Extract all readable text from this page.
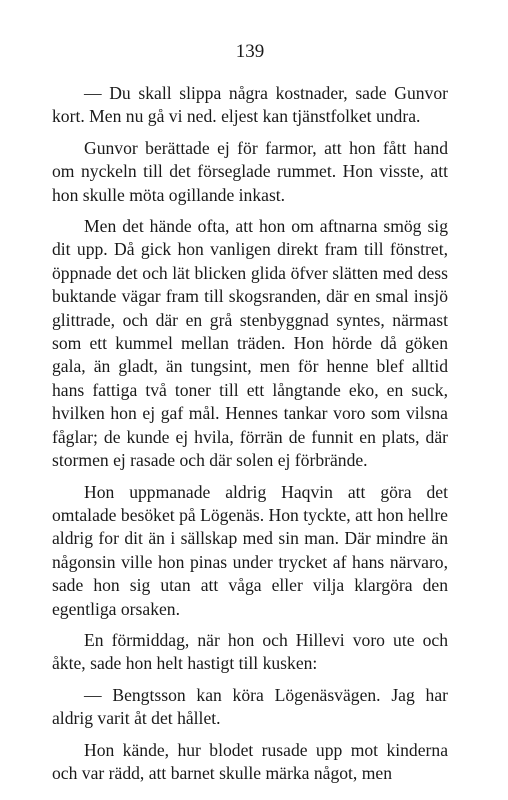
139

— Du skall slippa några kostnader, sade Gunvor kort. Men nu gå vi ned. eljest kan tjänstfolket undra.

Gunvor berättade ej för farmor, att hon fått hand om nyckeln till det förseglade rummet. Hon visste, att hon skulle möta ogillande inkast.

Men det hände ofta, att hon om aftnarna smög sig dit upp. Då gick hon vanligen direkt fram till fönstret, öppnade det och lät blicken glida öfver slätten med dess buktande vägar fram till skogsranden, där en smal insjö glittrade, och där en grå stenbyggnad syntes, närmast som ett kummel mellan träden. Hon hörde då göken gala, än gladt, än tungsint, men för henne blef alltid hans fattiga två toner till ett långtande eko, en suck, hvilken hon ej gaf mål. Hennes tankar voro som vilsna fåglar; de kunde ej hvila, förrän de funnit en plats, där stormen ej rasade och där solen ej förbrände.

Hon uppmanade aldrig Haqvin att göra det omtalade besöket på Lögenäs. Hon tyckte, att hon hellre aldrig for dit än i sällskap med sin man. Där mindre än någonsin ville hon pinas under trycket af hans närvaro, sade hon sig utan att våga eller vilja klargöra den egentliga orsaken.

En förmiddag, när hon och Hillevi voro ute och åkte, sade hon helt hastigt till kusken:

— Bengtsson kan köra Lögenäsvägen. Jag har aldrig varit åt det hållet.

Hon kände, hur blodet rusade upp mot kinderna och var rädd, att barnet skulle märka något, men
